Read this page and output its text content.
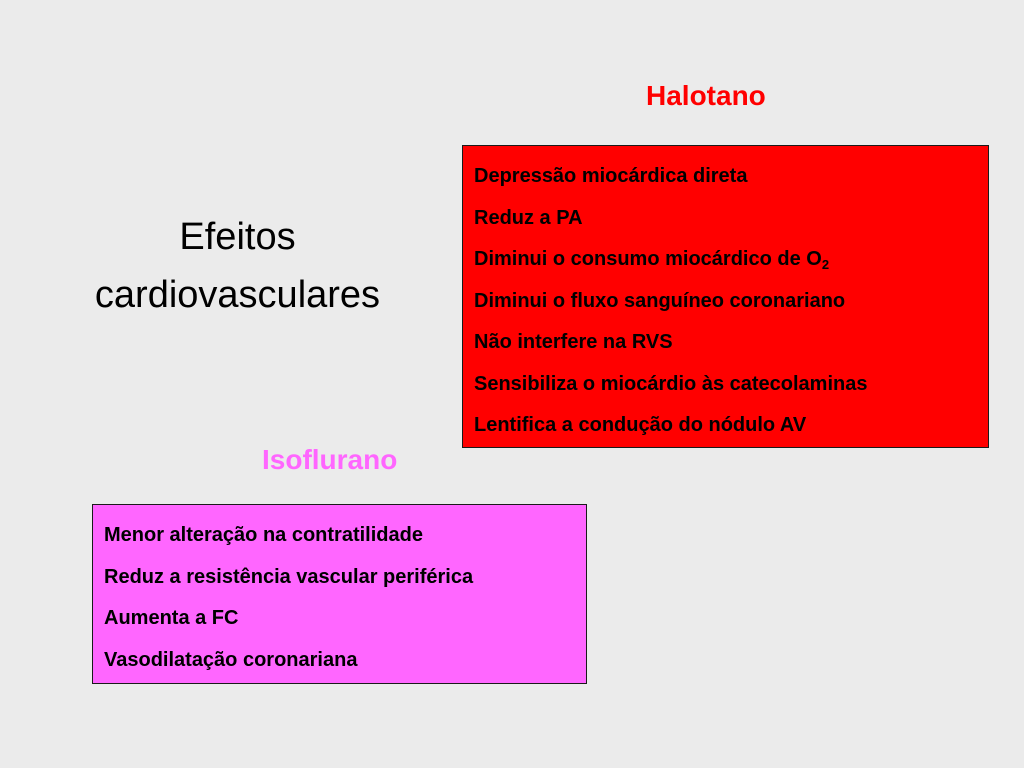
Efeitos
cardiovasculares
Halotano
Depressão miocárdica direta
Reduz a PA
Diminui o consumo miocárdico de $O_2$
Diminui o fluxo sanguíneo coronariano
Não interfere na RVS
Sensibiliza o miocárdio às catecolaminas
Lentifica a condução do nódulo AV
Isoflurano
Menor alteração na contratilidade
Reduz a resistência vascular periférica
Aumenta a FC
Vasodilatação coronariana
